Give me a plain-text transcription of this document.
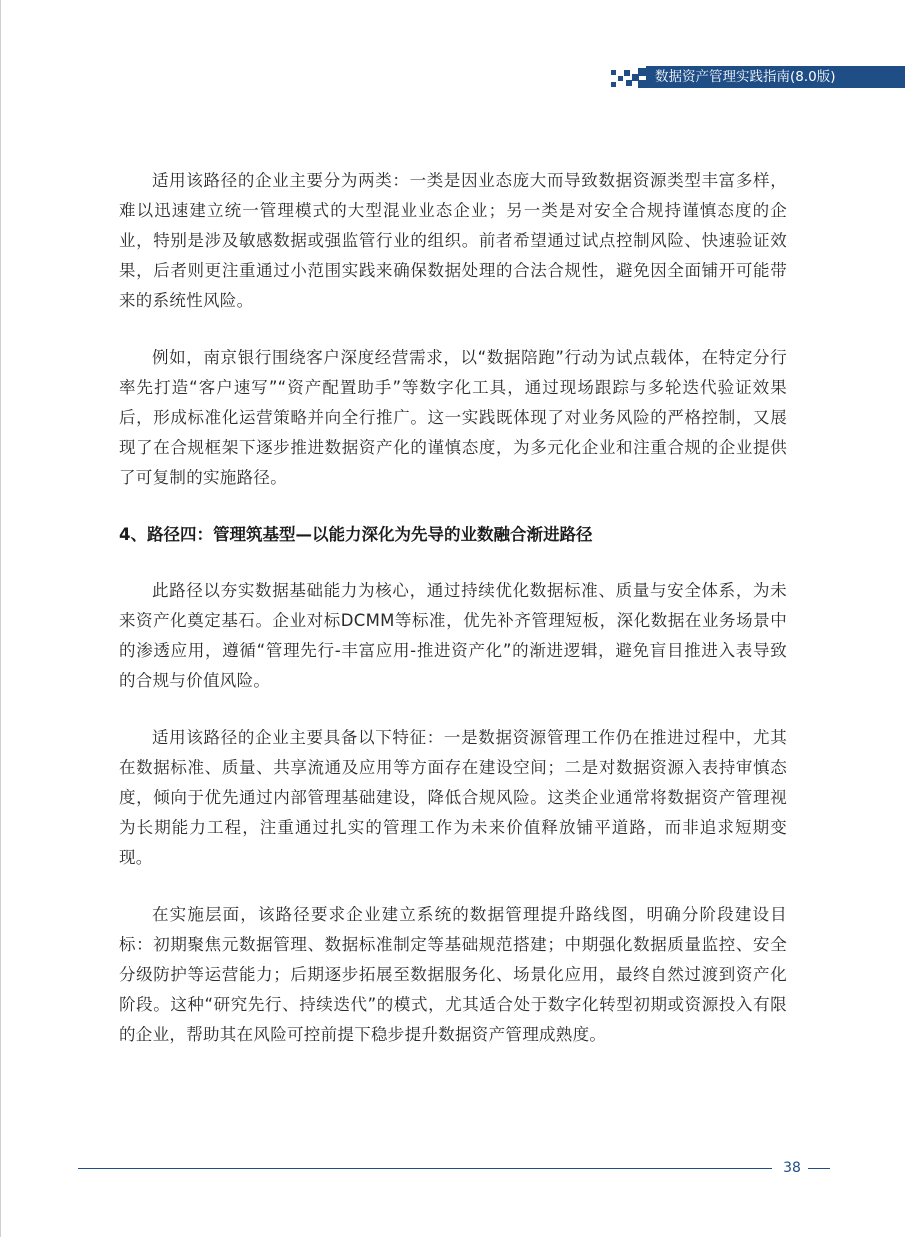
数据资产管理实践指南(8.0版)

适用该路径的企业主要分为两类：一类是因业态庞大而导致数据资源类型丰富多样，难以迅速建立统一管理模式的大型混业业态企业；另一类是对安全合规持谨慎态度的企业，特别是涉及敏感数据或强监管行业的组织。前者希望通过试点控制风险、快速验证效果，后者则更注重通过小范围实践来确保数据处理的合法合规性，避免因全面铺开可能带来的系统性风险。

例如，南京银行围绕客户深度经营需求，以“数据陪跑”行动为试点载体，在特定分行率先打造“客户速写”“资产配置助手”等数字化工具，通过现场跟踪与多轮迭代验证效果后，形成标准化运营策略并向全行推广。这一实践既体现了对业务风险的严格控制，又展现了在合规框架下逐步推进数据资产化的谨慎态度，为多元化企业和注重合规的企业提供了可复制的实施路径。

4、路径四：管理筑基型—以能力深化为先导的业数融合渐进路径

此路径以夯实数据基础能力为核心，通过持续优化数据标准、质量与安全体系，为未来资产化奠定基石。企业对标DCMM等标准，优先补齐管理短板，深化数据在业务场景中的渗透应用，遵循“管理先行-丰富应用-推进资产化”的渐进逻辑，避免盲目推进入表导致的合规与价值风险。

适用该路径的企业主要具备以下特征：一是数据资源管理工作仍在推进过程中，尤其在数据标准、质量、共享流通及应用等方面存在建设空间；二是对数据资源入表持审慎态度，倾向于优先通过内部管理基础建设，降低合规风险。这类企业通常将数据资产管理视为长期能力工程，注重通过扎实的管理工作为未来价值释放铺平道路，而非追求短期变现。

在实施层面，该路径要求企业建立系统的数据管理提升路线图，明确分阶段建设目标：初期聚焦元数据管理、数据标准制定等基础规范搭建；中期强化数据质量监控、安全分级防护等运营能力；后期逐步拓展至数据服务化、场景化应用，最终自然过渡到资产化阶段。这种“研究先行、持续迭代”的模式，尤其适合处于数字化转型初期或资源投入有限的企业，帮助其在风险可控前提下稳步提升数据资产管理成熟度。

38
